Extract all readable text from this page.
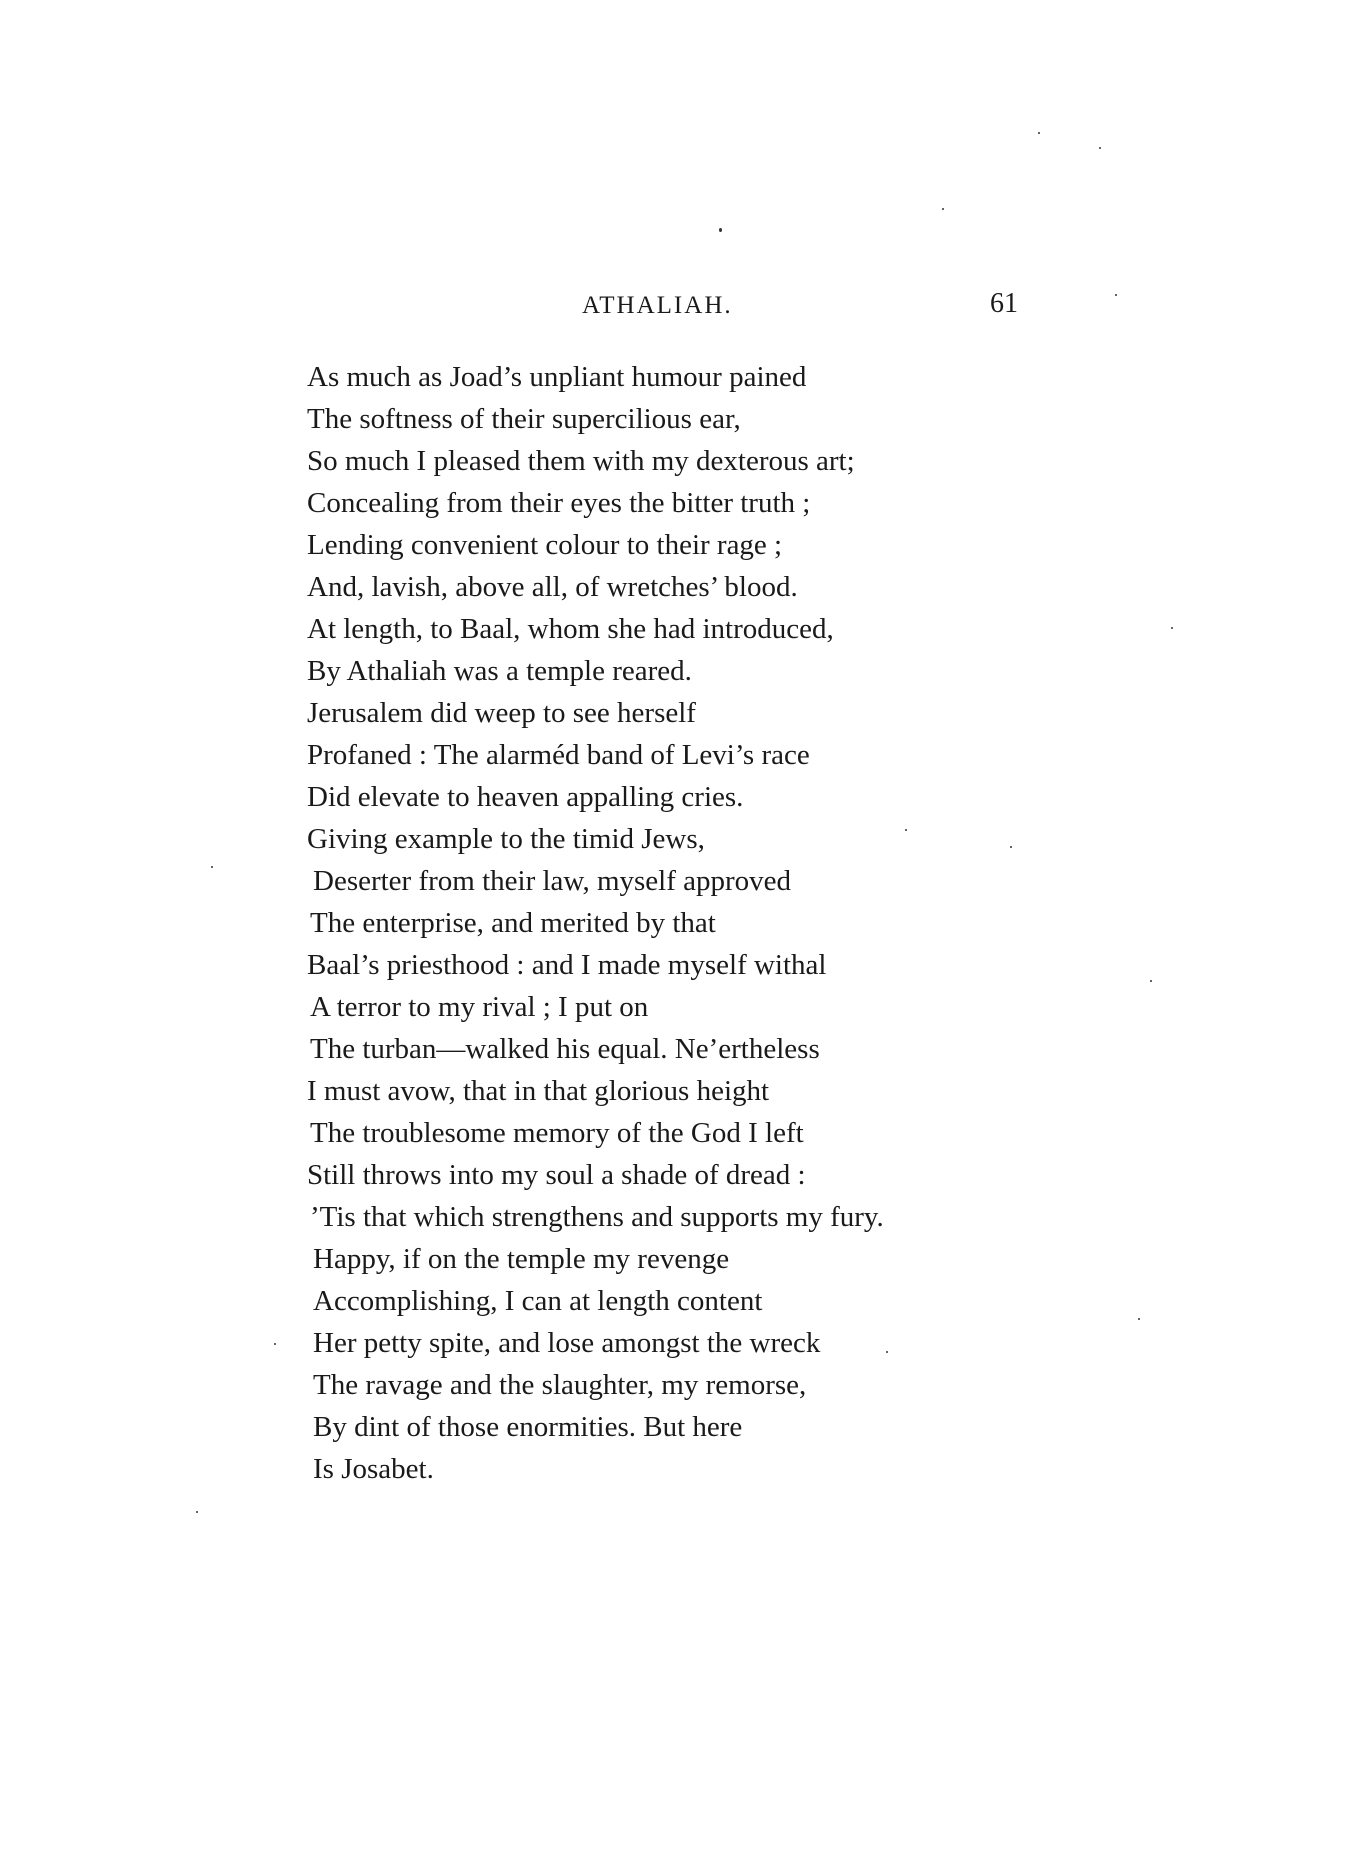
ATHALIAH.	61
As much as Joad’s unpliant humour pained
The softness of their supercilious ear,
So much I pleased them with my dexterous art;
Concealing from their eyes the bitter truth ;
Lending convenient colour to their rage ;
And, lavish, above all, of wretches’ blood.
At length, to Baal, whom she had introduced,
By Athaliah was a temple reared.
Jerusalem did weep to see herself
Profaned : The alarméd band of Levi’s race
Did elevate to heaven appalling cries.
Giving example to the timid Jews,
Deserter from their law, myself approved
The enterprise, and merited by that
Baal’s priesthood : and I made myself withal
A terror to my rival ; I put on
The turban—walked his equal. Ne’ertheless
I must avow, that in that glorious height
The troublesome memory of the God I left
Still throws into my soul a shade of dread :
’Tis that which strengthens and supports my fury.
Happy, if on the temple my revenge
Accomplishing, I can at length content
Her petty spite, and lose amongst the wreck
The ravage and the slaughter, my remorse,
By dint of those enormities. But here
Is Josabet.
